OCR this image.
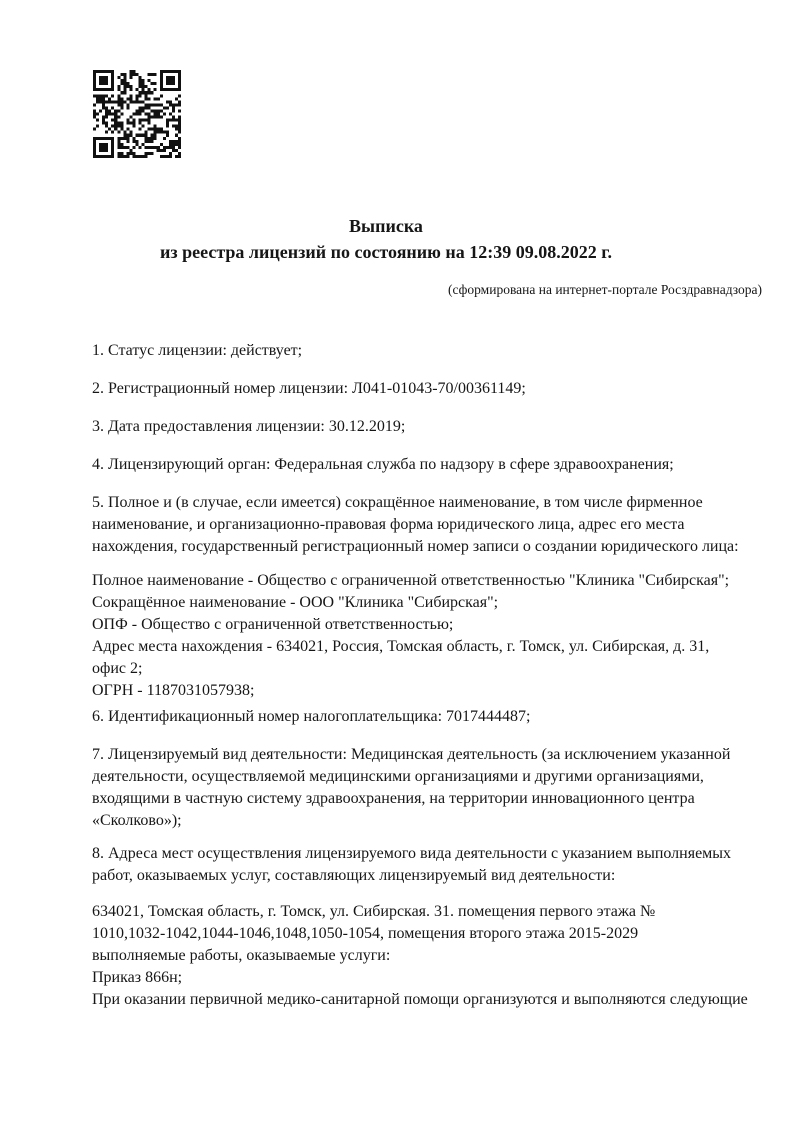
Выписка
из реестра лицензий по состоянию на 12:39 09.08.2022 г.
(сформирована на интернет-портале Росздравнадзора)
1. Статус лицензии: действует;
2. Регистрационный номер лицензии: Л041-01043-70/00361149;
3. Дата предоставления лицензии: 30.12.2019;
4. Лицензирующий орган: Федеральная служба по надзору в сфере здравоохранения;
5. Полное и (в случае, если имеется) сокращённое наименование, в том числе фирменное
наименование, и организационно-правовая форма юридического лица, адрес его места
нахождения, государственный регистрационный номер записи о создании юридического лица:
Полное наименование - Общество с ограниченной ответственностью "Клиника "Сибирская";
Сокращённое наименование - ООО "Клиника "Сибирская";
ОПФ - Общество с ограниченной ответственностью;
Адрес места нахождения - 634021, Россия, Томская область, г. Томск, ул. Сибирская, д. 31,
офис 2;
ОГРН - 1187031057938;
6. Идентификационный номер налогоплательщика: 7017444487;
7. Лицензируемый вид деятельности: Медицинская деятельность (за исключением указанной
деятельности, осуществляемой медицинскими организациями и другими организациями,
входящими в частную систему здравоохранения, на территории инновационного центра
«Сколково»);
8. Адреса мест осуществления лицензируемого вида деятельности с указанием выполняемых
работ, оказываемых услуг, составляющих лицензируемый вид деятельности:
634021, Томская область, г. Томск, ул. Сибирская. 31. помещения первого этажа №
1010,1032-1042,1044-1046,1048,1050-1054, помещения второго этажа 2015-2029
выполняемые работы, оказываемые услуги:
Приказ 866н;
При оказании первичной медико-санитарной помощи организуются и выполняются следующие
